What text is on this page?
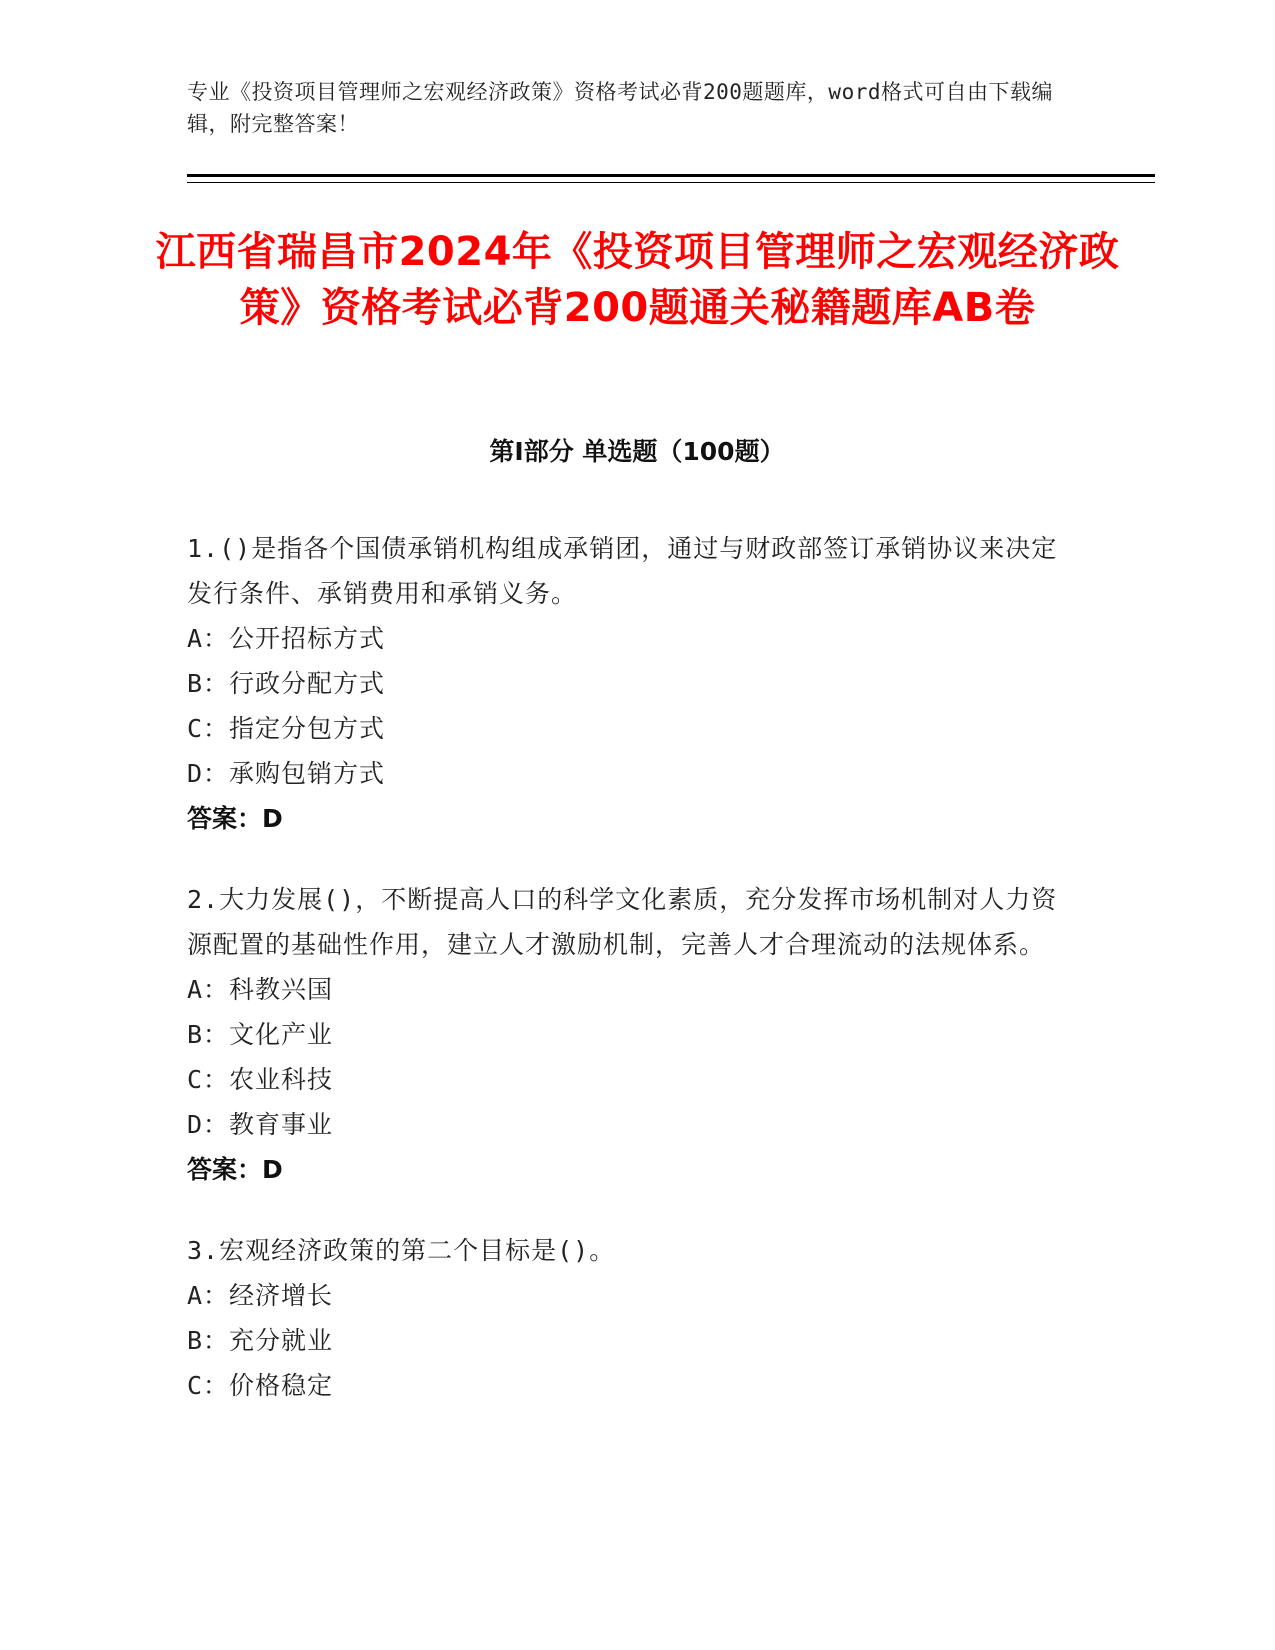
专业《投资项目管理师之宏观经济政策》资格考试必背200题题库，word格式可自由下载编辑，附完整答案！
江西省瑞昌市2024年《投资项目管理师之宏观经济政策》资格考试必背200题通关秘籍题库AB卷
第I部分 单选题（100题）

1.()是指各个国债承销机构组成承销团，通过与财政部签订承销协议来决定发行条件、承销费用和承销义务。

A：公开招标方式

B：行政分配方式

C：指定分包方式

D：承购包销方式

答案：D

2.大力发展()，不断提高人口的科学文化素质，充分发挥市场机制对人力资源配置的基础性作用，建立人才激励机制，完善人才合理流动的法规体系。

A：科教兴国

B：文化产业

C：农业科技

D：教育事业

答案：D

3.宏观经济政策的第二个目标是()。

A：经济增长

B：充分就业

C：价格稳定
